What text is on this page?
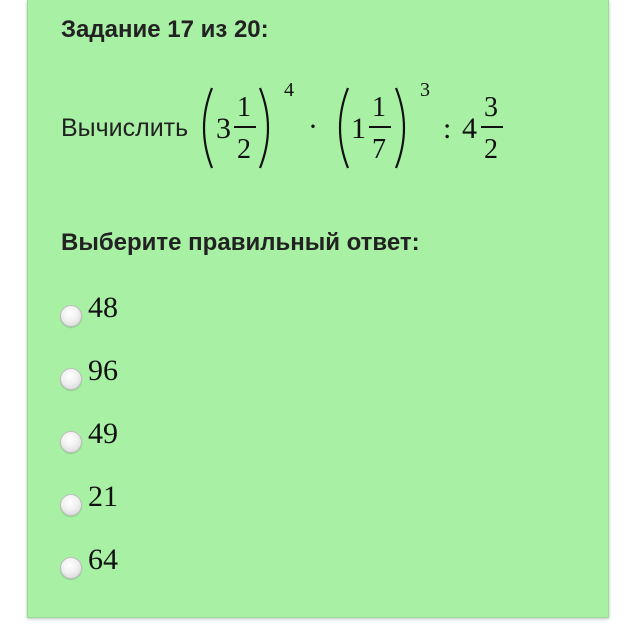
Задание 17 из 20:
Вычислить 3
1
2
4
· 1
1
7
3
: 4
3
2
Выберите правильный ответ:
48
96
49
21
64
